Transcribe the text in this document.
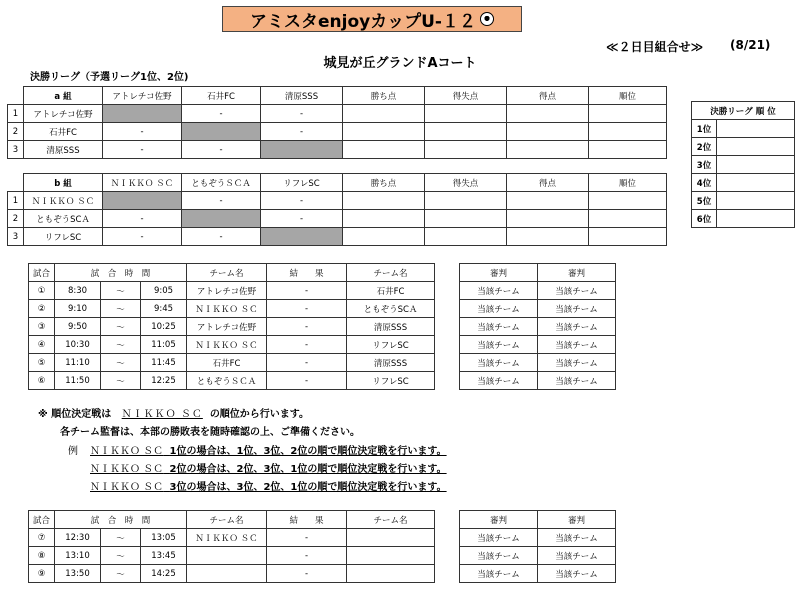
アミスタenjoyカップU-１２
≪２日目組合せ≫ (8/21)
城見が丘グランドAコート
決勝リーグ（予選リーグ1位、2位)
	a 組	アトレチコ佐野	石井FC	清原SSS	勝ち点	得失点	得点	順位
1	アトレチコ佐野		-	-				
2	石井FC	-		-				
3	清原SSS	-	-					
	b 組	ＮＩＫＫＯ ＳＣ	ともぞうＳＣＡ	リフレSC	勝ち点	得失点	得点	順位
1	ＮＩＫＫＯ ＳＣ		-	-				
2	ともぞうSCＡ	-		-				
3	リフレSC	-	-					
決勝リーグ 順 位	
1位	
2位	
3位	
4位	
5位	
6位	
試合	試　合　時　間			チーム名	結　　果	チーム名
①	8:30	〜	9:05	アトレチコ佐野	-	石井FC
②	9:10	〜	9:45	ＮＩＫＫＯ ＳＣ	-	ともぞうSCＡ
③	9:50	〜	10:25	アトレチコ佐野	-	清原SSS
④	10:30	〜	11:05	ＮＩＫＫＯ ＳＣ	-	リフレSC
⑤	11:10	〜	11:45	石井FC	-	清原SSS
⑥	11:50	〜	12:25	ともぞうＳＣＡ	-	リフレSC
審判	審判
当該チーム	当該チーム
当該チーム	当該チーム
当該チーム	当該チーム
当該チーム	当該チーム
当該チーム	当該チーム
当該チーム	当該チーム
※ 順位決定戦は ＮＩＫＫＯ ＳＣ の順位から行います。
各チーム監督は、本部の勝敗表を随時確認の上、ご準備ください。
例 ＮＩＫＫＯ ＳＣ 1位の場合は、1位、3位、2位の順で順位決定戦を行います。
ＮＩＫＫＯ ＳＣ 2位の場合は、2位、3位、1位の順で順位決定戦を行います。
ＮＩＫＫＯ ＳＣ 3位の場合は、3位、2位、1位の順で順位決定戦を行います。
試合	試　合　時　間			チーム名	結　　果	チーム名
⑦	12:30	〜	13:05	ＮＩＫＫＯ ＳＣ	-	
⑧	13:10	〜	13:45		-	
⑨	13:50	〜	14:25		-	
審判	審判
当該チーム	当該チーム
当該チーム	当該チーム
当該チーム	当該チーム
